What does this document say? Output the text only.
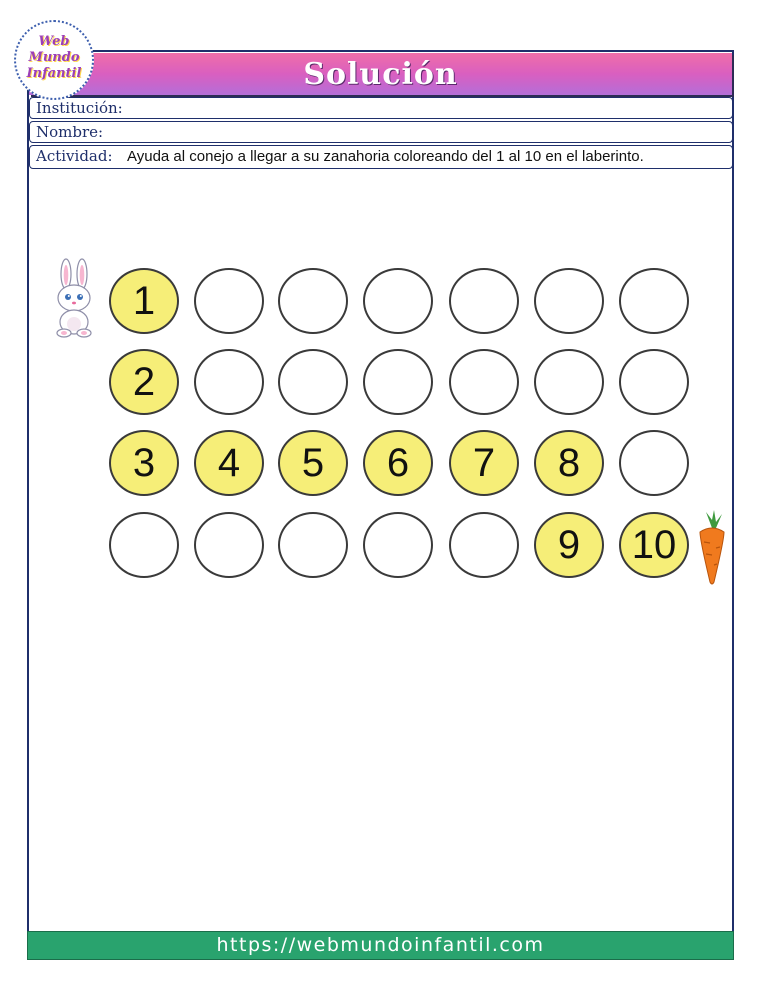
Solución
Web
Mundo
Infantil
Institución:
Nombre:
Actividad: Ayuda al conejo a llegar a su zanahoria coloreando del 1 al 10 en el laberinto.
1
2
3	4	5	6	7	8
9	10
https://webmundoinfantil.com
